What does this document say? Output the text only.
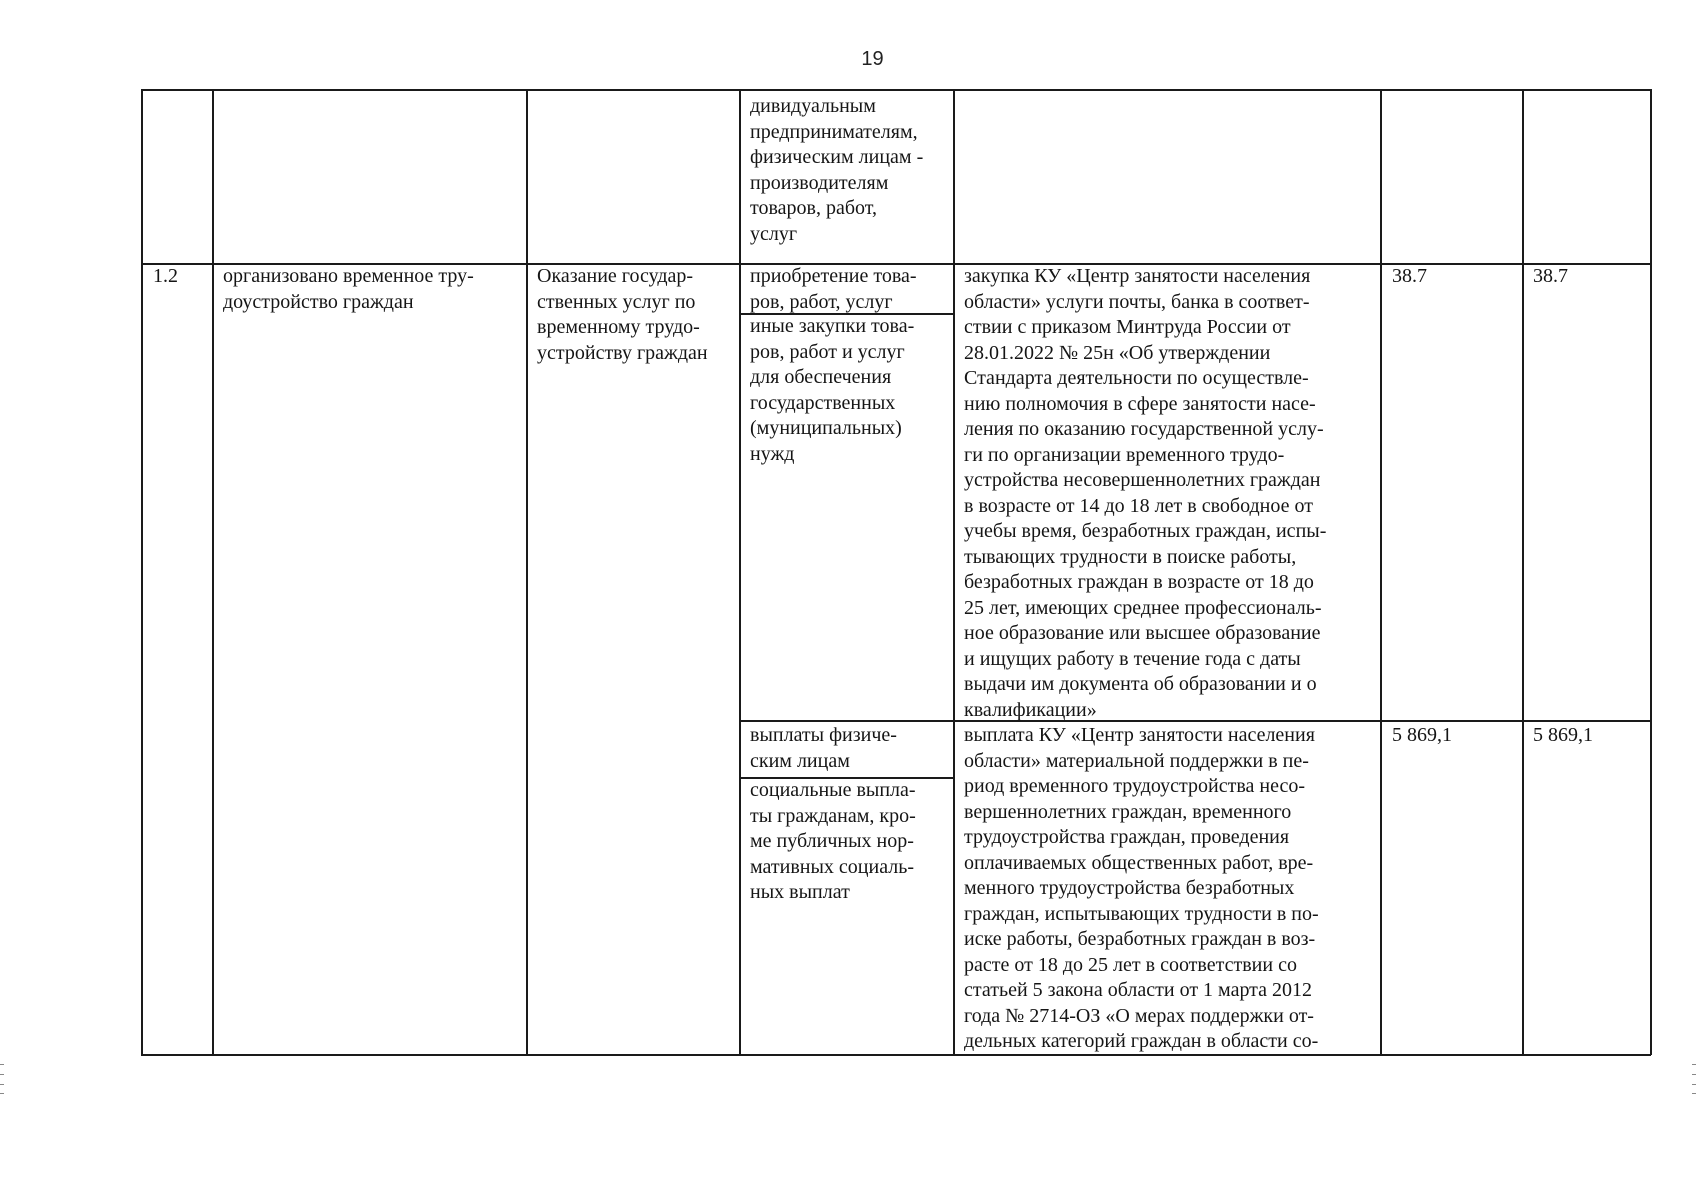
19
дивидуальным
предпринимателям,
физическим лицам -
производителям
товаров, работ,
услуг
1.2 организовано временное тру-
доустройство граждан
Оказание государ-
ственных услуг по
временному трудо-
устройству граждан
приобретение това-
ров, работ, услуг
иные закупки това-
ров, работ и услуг
для обеспечения
государственных
(муниципальных)
нужд
закупка КУ «Центр занятости населения
области» услуги почты, банка в соответ-
ствии с приказом Минтруда России от
28.01.2022 № 25н «Об утверждении
Стандарта деятельности по осуществле-
нию полномочия в сфере занятости насе-
ления по оказанию государственной услу-
ги по организации временного трудо-
устройства несовершеннолетних граждан
в возрасте от 14 до 18 лет в свободное от
учебы время, безработных граждан, испы-
тывающих трудности в поиске работы,
безработных граждан в возрасте от 18 до
25 лет, имеющих среднее профессиональ-
ное образование или высшее образование
и ищущих работу в течение года с даты
выдачи им документа об образовании и о
квалификации»
38.7	38.7
выплаты физиче-
ским лицам
социальные выпла-
ты гражданам, кро-
ме публичных нор-
мативных социаль-
ных выплат
выплата КУ «Центр занятости населения
области» материальной поддержки в пе-
риод временного трудоустройства несо-
вершеннолетних граждан, временного
трудоустройства граждан, проведения
оплачиваемых общественных работ, вре-
менного трудоустройства безработных
граждан, испытывающих трудности в по-
иске работы, безработных граждан в воз-
расте от 18 до 25 лет в соответствии со
статьей 5 закона области от 1 марта 2012
года № 2714-ОЗ «О мерах поддержки от-
дельных категорий граждан в области со-
5 869,1	5 869,1
